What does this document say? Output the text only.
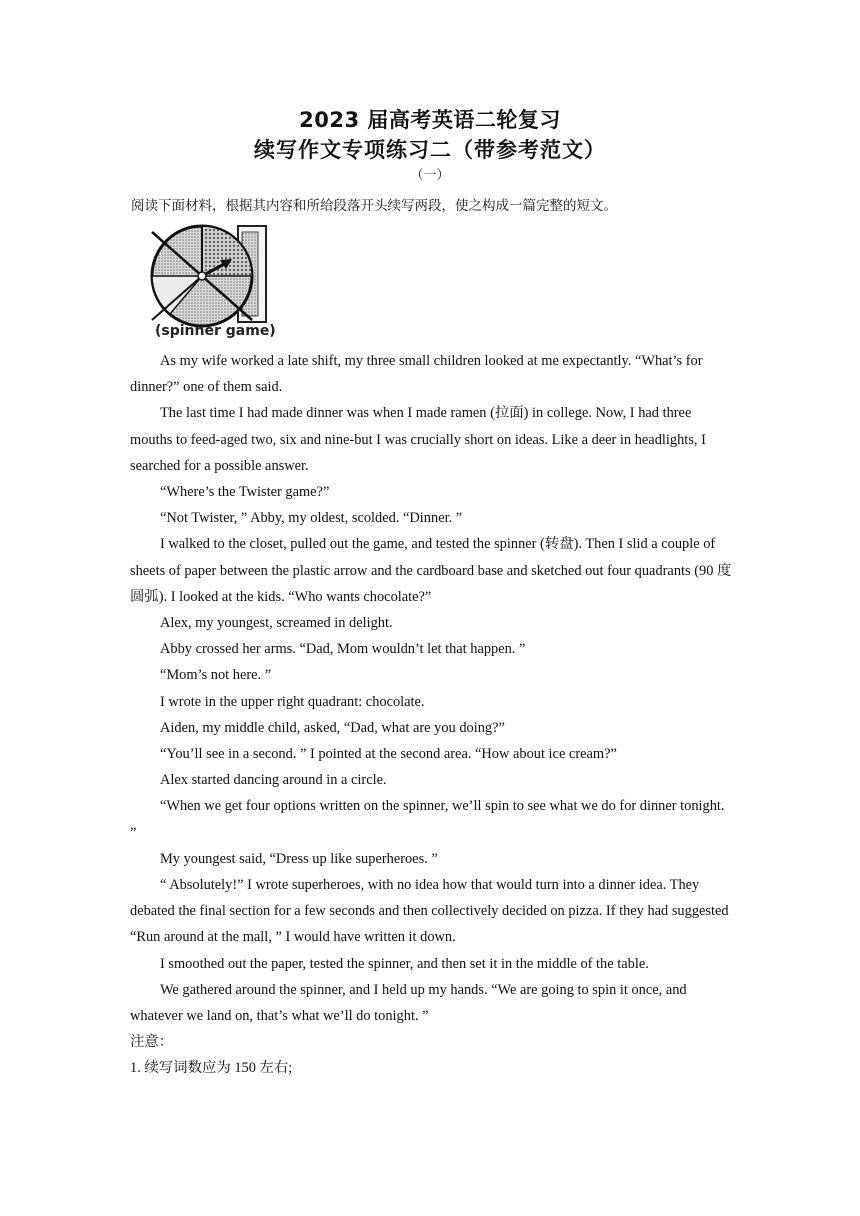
2023 届高考英语二轮复习
续写作文专项练习二（带参考范文）
（一）
阅读下面材料，根据其内容和所给段落开头续写两段，使之构成一篇完整的短文。
(spinner game)

As my wife worked a late shift, my three small children looked at me expectantly. “What’s for dinner?” one of them said.

The last time I had made dinner was when I made ramen (拉面) in college. Now, I had three mouths to feed-aged two, six and nine-but I was crucially short on ideas. Like a deer in headlights, I searched for a possible answer.

“Where’s the Twister game?”

“Not Twister, ” Abby, my oldest, scolded. “Dinner. ”

I walked to the closet, pulled out the game, and tested the spinner (转盘). Then I slid a couple of sheets of paper between the plastic arrow and the cardboard base and sketched out four quadrants (90 度圆弧). I looked at the kids. “Who wants chocolate?”

Alex, my youngest, screamed in delight.

Abby crossed her arms. “Dad, Mom wouldn’t let that happen. ”

“Mom’s not here. ”

I wrote in the upper right quadrant: chocolate.

Aiden, my middle child, asked, “Dad, what are you doing?”

“You’ll see in a second. ” I pointed at the second area. “How about ice cream?”

Alex started dancing around in a circle.

“When we get four options written on the spinner, we’ll spin to see what we do for dinner tonight. ”

My youngest said, “Dress up like superheroes. ”

“ Absolutely!” I wrote superheroes, with no idea how that would turn into a dinner idea. They debated the final section for a few seconds and then collectively decided on pizza. If they had suggested “Run around at the mall, ” I would have written it down.

I smoothed out the paper, tested the spinner, and then set it in the middle of the table.

We gathered around the spinner, and I held up my hands. “We are going to spin it once, and whatever we land on, that’s what we’ll do tonight. ”

注意：

1. 续写词数应为 150 左右;
